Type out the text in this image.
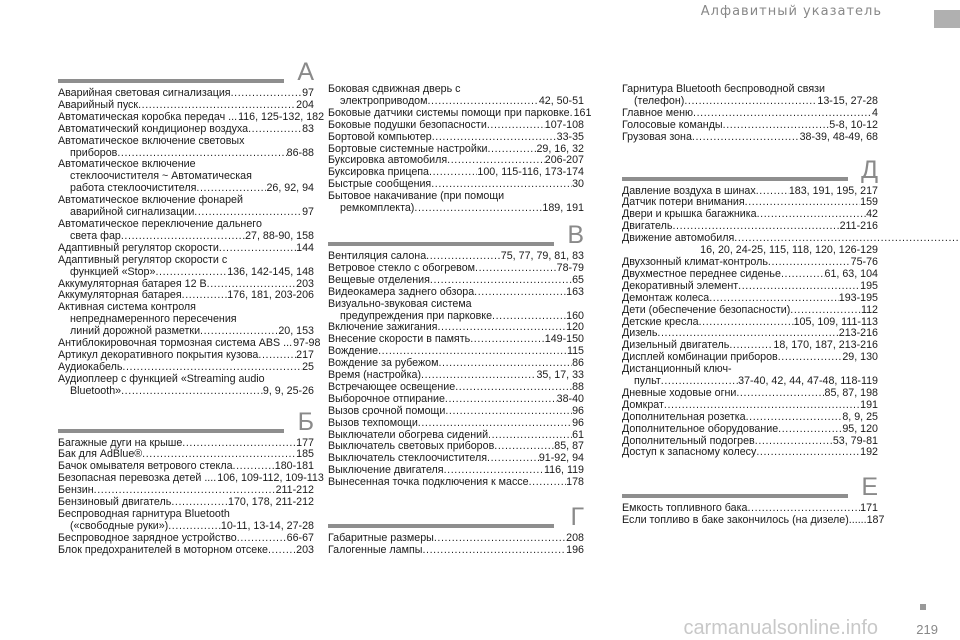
Алфавитный указатель
А
Аварийная световая сигнализация .....	97
Аварийный пуск .....	204
Автоматическая коробка передач .. ..... 116, 125-132, 182
Автоматический кондиционер воздуха .....	83
Автоматическое включение световых
приборов .....	86-88
Автоматическое включение
стеклоочистителя ~ Автоматическая
работа стеклоочистителя .....	26, 92, 94
Автоматическое включение фонарей
аварийной сигнализации .....	97
Автоматическое переключение дальнего
света фар .....	27, 88-90, 158
Адаптивный регулятор скорости .....	144
Адаптивный регулятор скорости с
функцией «Stop» .....	136, 142-145, 148
Аккумуляторная батарея 12 В .....	203
Аккумуляторная батарея .....	176, 181, 203-206
Активная система контроля
непреднамеренного пересечения
линий дорожной разметки .....	20, 153
Антиблокировочная тормозная система ABS .. ..... 97-98
Артикул декоративного покрытия кузова .....	217
Аудиокабель .....	25
Аудиоплеер с функцией «Streaming audio
Bluetooth» .....	9, 9, 25-26
Б
Багажные дуги на крыше .....	177
Бак для AdBlue® .....	185
Бачок омывателя ветрового стекла .....	180-181
Безопасная перевозка детей ... ..... 106, 109-112, 109-113
Бензин .....	211-212
Бензиновый двигатель .....	170, 178, 211-212
Беспроводная гарнитура Bluetooth
(«свободные руки») .....	10-11, 13-14, 27-28
Беспроводное зарядное устройство .....	66-67
Блок предохранителей в моторном отсеке .....	203
Боковая сдвижная дверь с
электроприводом .....	42, 50-51
Боковые датчики системы помощи при парковке ..... 161
Боковые подушки безопасности .....	107-108
Бортовой компьютер .....	33-35
Бортовые системные настройки .....	29, 16, 32
Буксировка автомобиля .....	206-207
Буксировка прицепа .....	100, 115-116, 173-174
Быстрые сообщения .....	30
Бытовое накачивание (при помощи
ремкомплекта) .....	189, 191
В
Вентиляция салона .....	75, 77, 79, 81, 83
Ветровое стекло с обогревом .....	78-79
Вещевые отделения .....	65
Видеокамера заднего обзора .....	163
Визуально-звуковая система
предупреждения при парковке .....	160
Включение зажигания .....	120
Внесение скорости в память .....	149-150
Вождение .....	115
Вождение за рубежом .....	86
Время (настройка) .....	35, 17, 33
Встречающее освещение .....	88
Выборочное отпирание .....	38-40
Вызов срочной помощи .....	96
Вызов техпомощи .....	96
Выключатели обогрева сидений .....	61
Выключатель световых приборов .....	85, 87
Выключатель стеклоочистителя .....	91-92, 94
Выключение двигателя .....	116, 119
Вынесенная точка подключения к массе .....	178
Г
Габаритные размеры .....	208
Галогенные лампы .....	196
Гарнитура Bluetooth беспроводной связи
(телефон) .....	13-15, 27-28
Главное меню .....	4
Голосовые команды .....	5-8, 10-12
Грузовая зона .....	38-39, 48-49, 68
Д
Давление воздуха в шинах .....	183, 191, 195, 217
Датчик потери внимания .....	159
Двери и крышка багажника .....	42
Двигатель .....	211-216
Движение автомобиля .....
16, 20, 24-25, 115, 118, 120, 126-129
Двухзонный климат-контроль .....	75-76
Двухместное переднее сиденье .....	61, 63, 104
Декоративный элемент .....	195
Демонтаж колеса .....	193-195
Дети (обеспечение безопасности) .....	112
Детские кресла .....	105, 109, 111-113
Дизель .....	213-216
Дизельный двигатель .....	18, 170, 187, 213-216
Дисплей комбинации приборов .....	29, 130
Дистанционный ключ-
пульт .....	37-40, 42, 44, 47-48, 118-119
Дневные ходовые огни .....	85, 87, 198
Домкрат .....	191
Дополнительная розетка .....	8, 9, 25
Дополнительное оборудование .....	95, 120
Дополнительный подогрев .....	53, 79-81
Доступ к запасному колесу .....	192
Е
Емкость топливного бака .....	171
Если топливо в баке закончилось (на дизеле)...... 187
carmanualsonline.info	219
